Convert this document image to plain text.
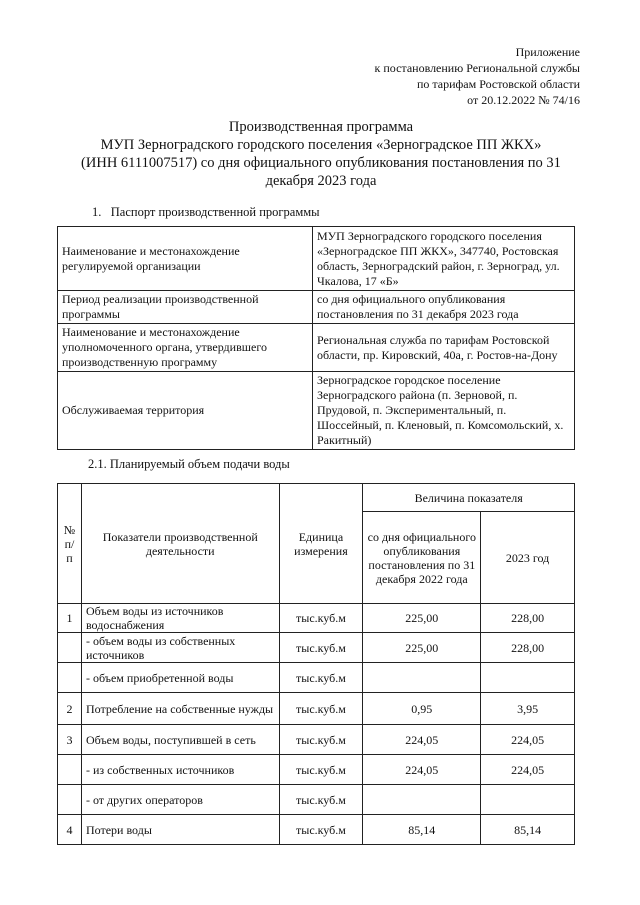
Приложение
к постановлению Региональной службы
по тарифам Ростовской области
от 20.12.2022 № 74/16
Производственная программа
МУП Зерноградского городского поселения «Зерноградское ПП ЖКХ»
(ИНН 6111007517) со дня официального опубликования постановления по 31
декабря 2023 года
1. Паспорт производственной программы
Наименование и местонахождение регулируемой организации	МУП Зерноградского городского поселения «Зерноградское ПП ЖКХ», 347740, Ростовская область, Зерноградский район, г. Зерноград, ул. Чкалова, 17 «Б»
Период реализации производственной программы	со дня официального опубликования постановления по 31 декабря 2023 года
Наименование и местонахождение уполномоченного органа, утвердившего производственную программу	Региональная служба по тарифам Ростовской области, пр. Кировский, 40а, г. Ростов-на-Дону
Обслуживаемая территория	Зерноградское городское поселение Зерноградского района (п. Зерновой, п. Прудовой, п. Экспериментальный, п. Шоссейный, п. Кленовый, п. Комсомольский, х. Ракитный)
2.1. Планируемый объем подачи воды
№ п/ п	Показатели производственной деятельности	Единица измерения	Величина показателя	
			со дня официального опубликования постановления по 31 декабря 2022 года	2023 год
1	Объем воды из источников водоснабжения	тыс.куб.м	225,00	228,00
	- объем воды из собственных источников	тыс.куб.м	225,00	228,00
	- объем приобретенной воды	тыс.куб.м		
2	Потребление на собственные нужды	тыс.куб.м	0,95	3,95
3	Объем воды, поступившей в сеть	тыс.куб.м	224,05	224,05
	- из собственных источников	тыс.куб.м	224,05	224,05
	- от других операторов	тыс.куб.м		
4	Потери воды	тыс.куб.м	85,14	85,14
